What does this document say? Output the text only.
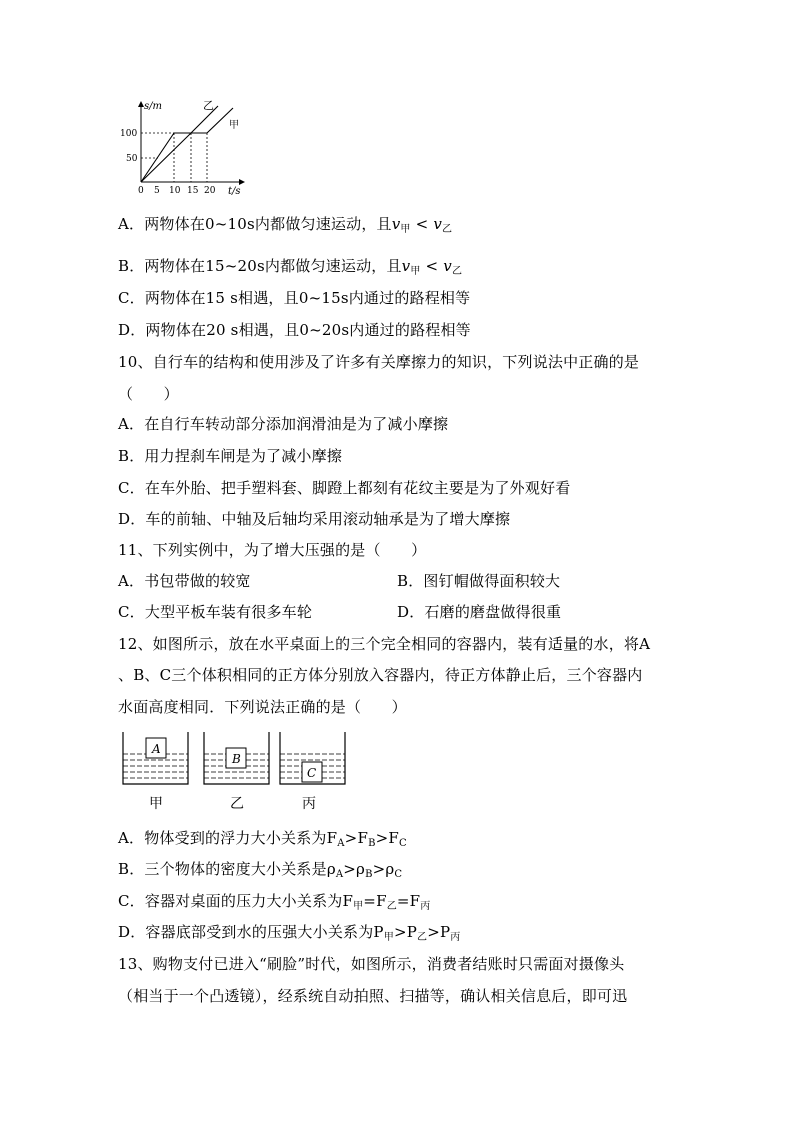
s/m
t/s
100
50
0 5 10 15 20
乙
甲
A．两物体在0~10s内都做匀速运动，且$v_甲 < v_乙$
B．两物体在15~20s内都做匀速运动，且$v_甲 < v_乙$
C．两物体在15 s相遇，且0~15s内通过的路程相等
D．两物体在20 s相遇，且0~20s内通过的路程相等
10、自行车的结构和使用涉及了许多有关摩擦力的知识，下列说法中正确的是
（　　）
A．在自行车转动部分添加润滑油是为了减小摩擦
B．用力捏刹车闸是为了减小摩擦
C．在车外胎、把手塑料套、脚蹬上都刻有花纹主要是为了外观好看
D．车的前轴、中轴及后轴均采用滚动轴承是为了增大摩擦
11、下列实例中，为了增大压强的是（　　）
A．书包带做的较宽	B．图钉帽做得面积较大
C．大型平板车装有很多车轮	D．石磨的磨盘做得很重
12、如图所示，放在水平桌面上的三个完全相同的容器内，装有适量的水，将A
、B、C三个体积相同的正方体分别放入容器内，待正方体静止后，三个容器内
水面高度相同．下列说法正确的是（　　）
A
甲
B
乙
C
丙
A．物体受到的浮力大小关系为$F_A>F_B>F_C$
B．三个物体的密度大小关系是$\rho_A>\rho_B>\rho_C$
C．容器对桌面的压力大小关系为$F_甲=F_乙=F_丙$
D．容器底部受到水的压强大小关系为$P_甲>P_乙>P_丙$
13、购物支付已进入“刷脸”时代，如图所示，消费者结账时只需面对摄像头
（相当于一个凸透镜），经系统自动拍照、扫描等，确认相关信息后，即可迅
